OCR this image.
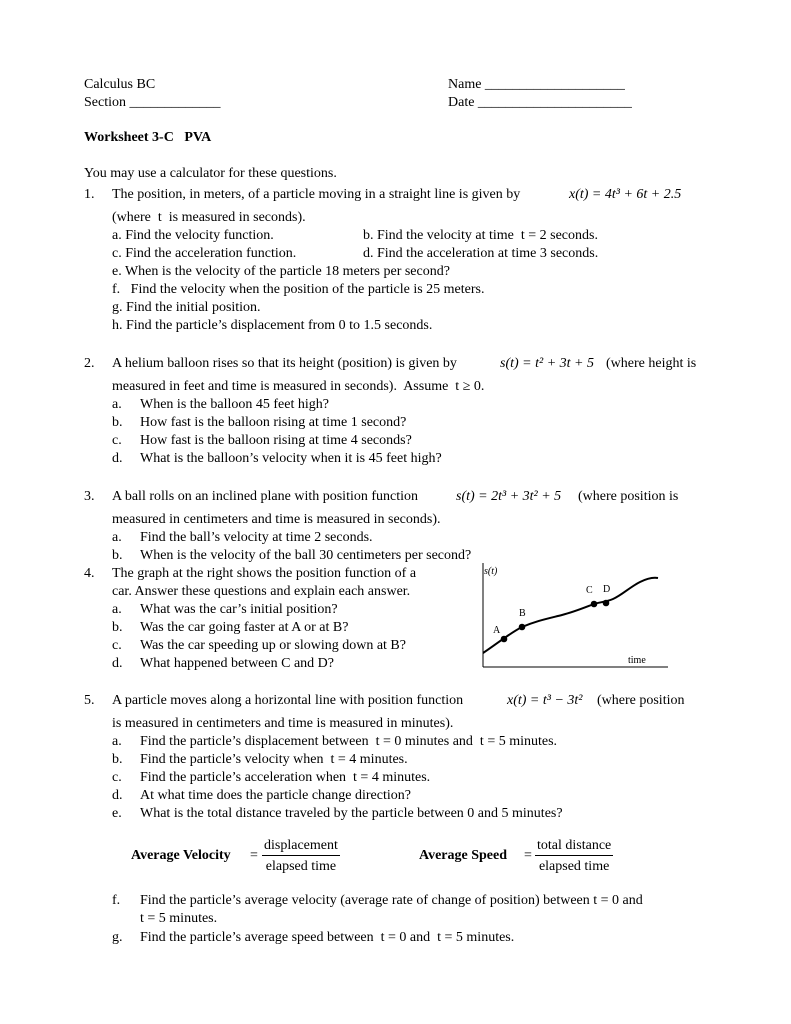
Calculus BC
Section _____________
Name ____________________
Date ______________________
Worksheet 3-C   PVA
You may use a calculator for these questions.
1. The position, in meters, of a particle moving in a straight line is given by	x(t) = 4t³ + 6t + 2.5
(where  t  is measured in seconds).
a. Find the velocity function.	b. Find the velocity at time  t = 2 seconds.
c. Find the acceleration function.	d. Find the acceleration at time 3 seconds.
e. When is the velocity of the particle 18 meters per second?
f.   Find the velocity when the position of the particle is 25 meters.
g. Find the initial position.
h. Find the particle’s displacement from 0 to 1.5 seconds.
2. A helium balloon rises so that its height (position) is given by	s(t) = t² + 3t + 5 (where height is
measured in feet and time is measured in seconds).  Assume  t ≥ 0.
a. When is the balloon 45 feet high?
b. How fast is the balloon rising at time 1 second?
c. How fast is the balloon rising at time 4 seconds?
d. What is the balloon’s velocity when it is 45 feet high?
3. A ball rolls on an inclined plane with position function	s(t) = 2t³ + 3t² + 5 (where position is
measured in centimeters and time is measured in seconds).
a. Find the ball’s velocity at time 2 seconds.
b. When is the velocity of the ball 30 centimeters per second?
4. The graph at the right shows the position function of a
car. Answer these questions and explain each answer.
a. What was the car’s initial position?
b. Was the car going faster at A or at B?
c. Was the car speeding up or slowing down at B?
d. What happened between C and D?
s(t)
time
A
B
C D
5. A particle moves along a horizontal line with position function	x(t) = t³ − 3t² (where position
is measured in centimeters and time is measured in minutes).
a. Find the particle’s displacement between  t = 0 minutes and  t = 5 minutes.
b. Find the particle’s velocity when  t = 4 minutes.
c. Find the particle’s acceleration when  t = 4 minutes.
d. At what time does the particle change direction?
e. What is the total distance traveled by the particle between 0 and 5 minutes?
Average Velocity =
displacement
elapsed time
Average Speed =
total distance
elapsed time
f. Find the particle’s average velocity (average rate of change of position) between t = 0 and
t = 5 minutes.
g. Find the particle’s average speed between  t = 0 and  t = 5 minutes.
